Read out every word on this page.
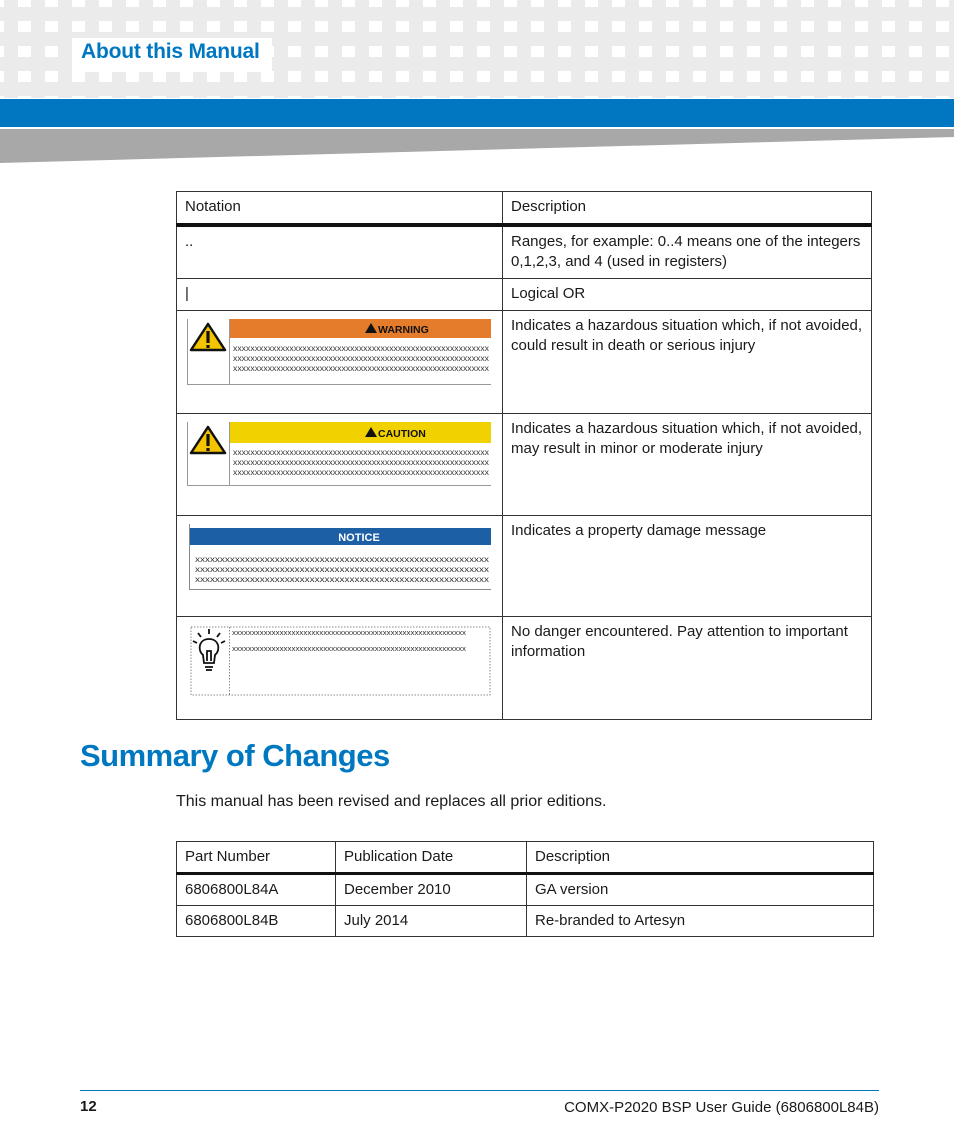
About this Manual
Notation	Description
..	Ranges, for example: 0..4 means one of the integers 0,1,2,3, and 4 (used in registers)
|	Logical OR

WARNING
xxxxxxxxxxxxxxxxxxxxxxxxxxxxxxxxxxxxxxxxxxxxxxxxxxxxxxxxxxx
xxxxxxxxxxxxxxxxxxxxxxxxxxxxxxxxxxxxxxxxxxxxxxxxxxxxxxxxxxx
xxxxxxxxxxxxxxxxxxxxxxxxxxxxxxxxxxxxxxxxxxxxxxxxxxxxxxxxxxx	Indicates a hazardous situation which, if not avoided, could result in death or serious injury

CAUTION
xxxxxxxxxxxxxxxxxxxxxxxxxxxxxxxxxxxxxxxxxxxxxxxxxxxxxxxxxxx
xxxxxxxxxxxxxxxxxxxxxxxxxxxxxxxxxxxxxxxxxxxxxxxxxxxxxxxxxxx
xxxxxxxxxxxxxxxxxxxxxxxxxxxxxxxxxxxxxxxxxxxxxxxxxxxxxxxxxxx	Indicates a hazardous situation which, if not avoided, may result in minor or moderate injury

NOTICE
xxxxxxxxxxxxxxxxxxxxxxxxxxxxxxxxxxxxxxxxxxxxxxxxxxxxxxxxxxx
xxxxxxxxxxxxxxxxxxxxxxxxxxxxxxxxxxxxxxxxxxxxxxxxxxxxxxxxxxx
xxxxxxxxxxxxxxxxxxxxxxxxxxxxxxxxxxxxxxxxxxxxxxxxxxxxxxxxxxx	Indicates a property damage message

xxxxxxxxxxxxxxxxxxxxxxxxxxxxxxxxxxxxxxxxxxxxxxxxxxxxxxxxxxx
xxxxxxxxxxxxxxxxxxxxxxxxxxxxxxxxxxxxxxxxxxxxxxxxxxxxxxxxxxx	No danger encountered. Pay attention to important information
Summary of Changes
This manual has been revised and replaces all prior editions.
Part Number	Publication Date	Description
6806800L84A	December 2010	GA version
6806800L84B	July 2014	Re-branded to Artesyn
12	COMX-P2020 BSP User Guide (6806800L84B)
